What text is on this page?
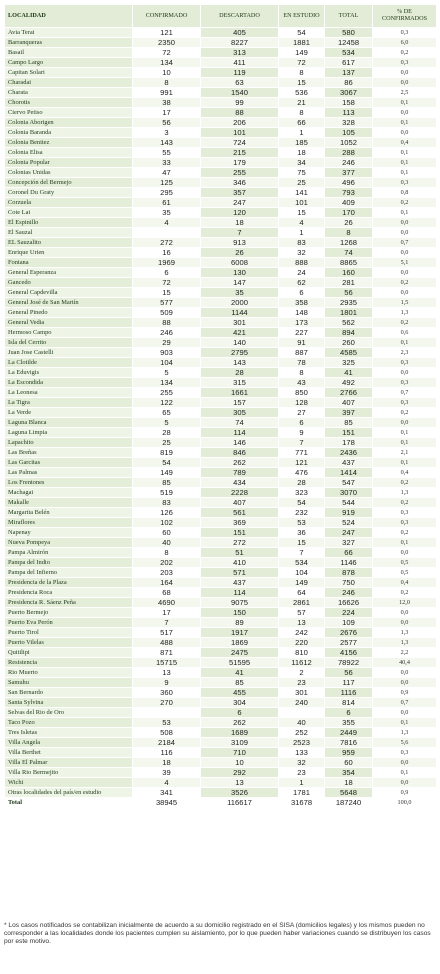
LOCALIDAD	CONFIRMADO	DESCARTADO	EN ESTUDIO	TOTAL	% DE CONFIRMADOS
Avia Terai	121	405	54	580	0,3
Barranqueras	2350	8227	1881	12458	6,0
Basail	72	313	149	534	0,2
Campo Largo	134	411	72	617	0,3
Capitan Solari	10	119	8	137	0,0
Charadai	8	63	15	86	0,0
Charata	991	1540	536	3067	2,5
Chorotis	38	99	21	158	0,1
Ciervo Petiso	17	88	8	113	0,0
Colonia Aborigen	56	206	66	328	0,1
Colonia Baranda	3	101	1	105	0,0
Colonia Benitez	143	724	185	1052	0,4
Colonia Elisa	55	215	18	288	0,1
Colonia Popular	33	179	34	246	0,1
Colonias Unidas	47	255	75	377	0,1
Concepción del Bermejo	125	346	25	496	0,3
Coronel Du Graty	295	357	141	793	0,8
Corzuela	61	247	101	409	0,2
Cote Lai	35	120	15	170	0,1
El Espinillo	4	18	4	26	0,0
El Sauzal		7	1	8	0,0
EL Sauzalito	272	913	83	1268	0,7
Enrique Urien	16	26	32	74	0,0
Fontana	1969	6008	888	8865	5,1
General Esperanza	6	130	24	160	0,0
Gancedo	72	147	62	281	0,2
General Capdevilla	15	35	6	56	0,0
General José de San Martín	577	2000	358	2935	1,5
General Pinedo	509	1144	148	1801	1,3
General Vedia	88	301	173	562	0,2
Hermoso Campo	246	421	227	894	0,6
Isla del Cerrito	29	140	91	260	0,1
Juan Jose Castelli	903	2795	887	4585	2,3
La Clotilde	104	143	78	325	0,3
La Eduvigis	5	28	8	41	0,0
La Escondida	134	315	43	492	0,3
La Leonesa	255	1661	850	2766	0,7
La Tigra	122	157	128	407	0,3
La Verde	65	305	27	397	0,2
Laguna Blanca	5	74	6	85	0,0
Laguna Limpia	28	114	9	151	0,1
Lapachito	25	146	7	178	0,1
Las Breñas	819	846	771	2436	2,1
Las Garcitas	54	262	121	437	0,1
Las Palmas	149	789	476	1414	0,4
Los Frentones	85	434	28	547	0,2
Machagai	519	2228	323	3070	1,3
Makalle	83	407	54	544	0,2
Margarita Belén	126	561	232	919	0,3
Miraflores	102	369	53	524	0,3
Napenay	60	151	36	247	0,2
Nueva Pompeya	40	272	15	327	0,1
Pampa Almirón	8	51	7	66	0,0
Pampa del Indio	202	410	534	1146	0,5
Pampa del Infierno	203	571	104	878	0,5
Presidencia de la Plaza	164	437	149	750	0,4
Presidencia Roca	68	114	64	246	0,2
Presidencia R. Sáenz Peña	4690	9075	2861	16626	12,0
Puerto Bermejo	17	150	57	224	0,0
Puerto Eva Perón	7	89	13	109	0,0
Puerto Tirol	517	1917	242	2676	1,3
Puerto Vilelas	488	1869	220	2577	1,3
Quitilipi	871	2475	810	4156	2,2
Resistencia	15715	51595	11612	78922	40,4
Rio Muerto	13	41	2	56	0,0
Samuhu	9	85	23	117	0,0
San Bernardo	360	455	301	1116	0,9
Santa Sylvina	270	304	240	814	0,7
Selvas del Rio de Oro		6		6	0,0
Taco Pozo	53	262	40	355	0,1
Tres Isletas	508	1689	252	2449	1,3
Villa Angela	2184	3109	2523	7816	5,6
Villa Berthet	116	710	133	959	0,3
Villa El Palmar	18	10	32	60	0,0
Villa Rio Bermejito	39	292	23	354	0,1
Wichi	4	13	1	18	0,0
Otras localidades del país/en estudio	341	3526	1781	5648	0,9
Total	38945	116617	31678	187240	100,0
* Los casos notificados se contabilizan inicialmente de acuerdo a su domicilio registrado en el SISA (domicilios legales) y los mismos pueden no corresponder a las localidades donde los pacientes cumplen su aislamiento, por lo que pueden haber variaciones cuando se distribuyen los casos por este motivo.
